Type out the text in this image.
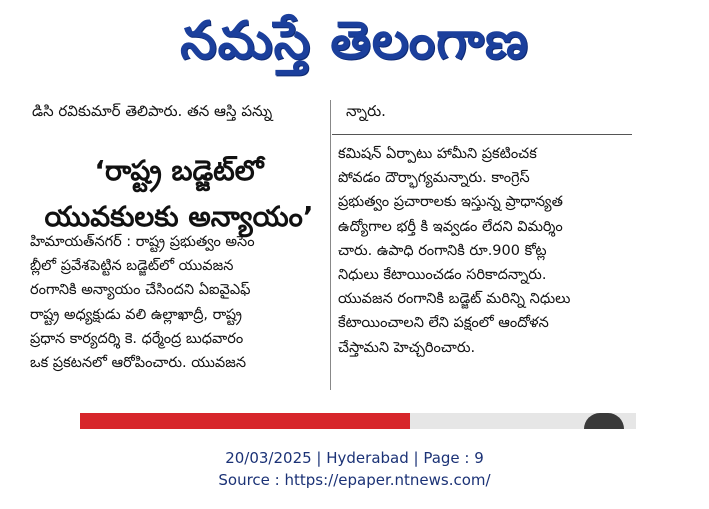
నమస్తే తెలంగాణ
డిసి రవికుమార్ తెలిపారు. తన ఆస్తి పన్ను	న్నారు.
‘రాష్ట్ర బడ్జెట్‌లో
యువకులకు అన్యాయం’
హిమాయత్‌నగర్ : రాష్ట్ర ప్రభుత్వం అసెం
బ్లీలో ప్రవేశపెట్టిన బడ్జెట్‌లో యువజన
రంగానికి అన్యాయం చేసిందని ఏఐవైఎఫ్
రాష్ట్ర అధ్యక్షుడు వలి ఉల్లాఖాద్రీ, రాష్ట్ర
ప్రధాన కార్యదర్శి కె. ధర్మేంద్ర బుధవారం
ఒక ప్రకటనలో ఆరోపించారు. యువజన
కమిషన్ ఏర్పాటు హామీని ప్రకటించక
పోవడం దౌర్భాగ్యమన్నారు. కాంగ్రెస్
ప్రభుత్వం ప్రచారాలకు ఇస్తున్న ప్రాధాన్యత
ఉద్యోగాల భర్తీ కి ఇవ్వడం లేదని విమర్శిం
చారు. ఉపాధి రంగానికి రూ.900 కోట్ల
నిధులు కేటాయించడం సరికాదన్నారు.
యువజన రంగానికి బడ్జెట్ మరిన్ని నిధులు
కేటాయించాలని లేని పక్షంలో ఆందోళన
చేస్తామని హెచ్చరించారు.
20/03/2025 | Hyderabad | Page : 9
Source : https://epaper.ntnews.com/
